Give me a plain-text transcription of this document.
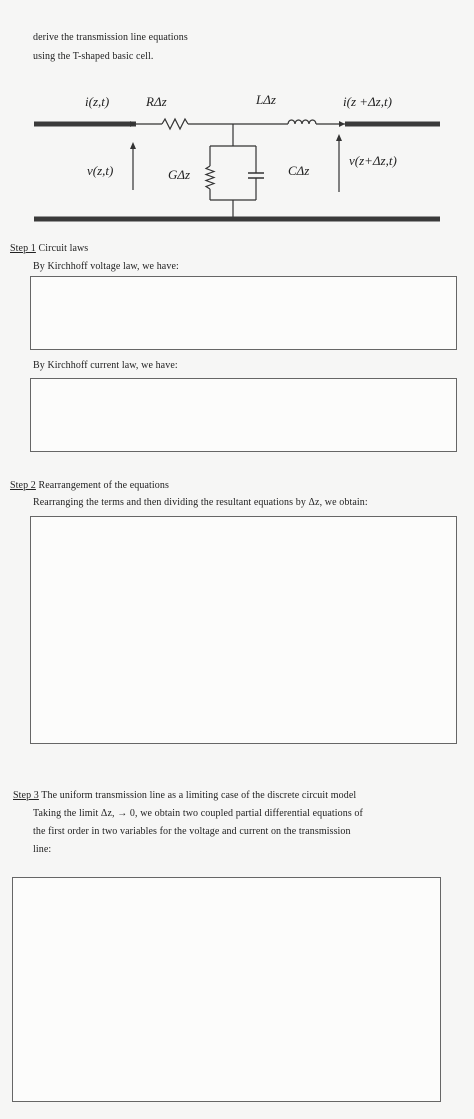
derive the transmission line equations
using the T-shaped basic cell.
i(z,t)	RΔz	LΔz	i(z +Δz,t)
v(z,t)	GΔz	CΔz
v(z+Δz,t)
Step 1 Circuit laws
By Kirchhoff voltage law, we have:
By Kirchhoff current law, we have:
Step 2 Rearrangement of the equations
Rearranging the terms and then dividing the resultant equations by Δz, we obtain:
Step 3 The uniform transmission line as a limiting case of the discrete circuit model
Taking the limit Δz, → 0, we obtain two coupled partial differential equations of
the first order in two variables for the voltage and current on the transmission
line:
